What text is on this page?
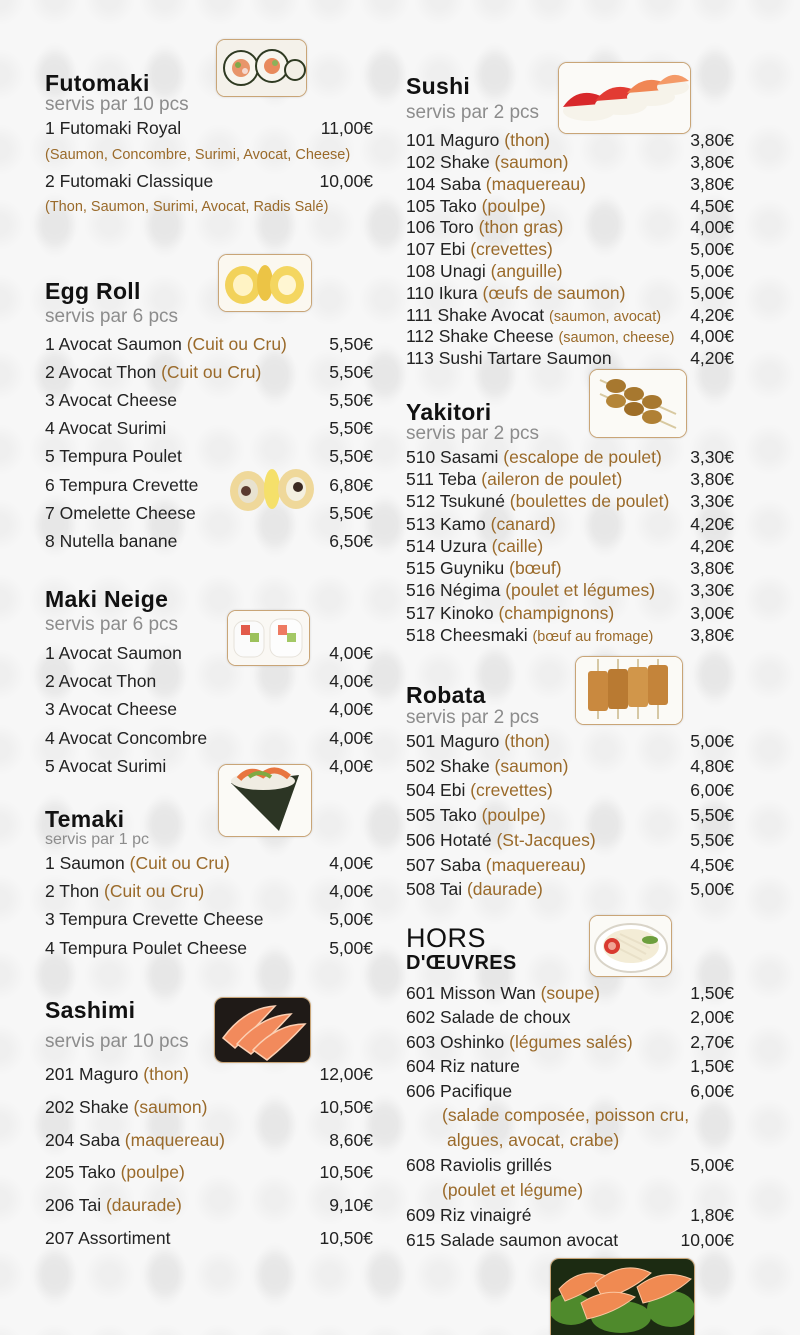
Futomaki
servis par 10 pcs
1 Futomaki Royal	11,00€
(Saumon, Concombre, Surimi, Avocat, Cheese)
2 Futomaki Classique	10,00€
(Thon, Saumon, Surimi, Avocat, Radis Salé)
Egg Roll
servis par 6 pcs
1 Avocat Saumon (Cuit ou Cru) 5,50€
2 Avocat Thon (Cuit ou Cru)	5,50€
3 Avocat Cheese	5,50€
4 Avocat Surimi	5,50€
5 Tempura Poulet	5,50€
6 Tempura Crevette	6,80€
7 Omelette Cheese	5,50€
8 Nutella banane	6,50€
Maki Neige
servis par 6 pcs
1 Avocat Saumon	4,00€
2 Avocat Thon	4,00€
3 Avocat Cheese	4,00€
4 Avocat Concombre	4,00€
5 Avocat Surimi	4,00€
Temaki
servis par 1 pc
1 Saumon (Cuit ou Cru)	4,00€
2 Thon (Cuit ou Cru)	4,00€
3 Tempura Crevette Cheese	5,00€
4 Tempura Poulet Cheese	5,00€
Sashimi
servis par 10 pcs
201 Maguro (thon)	12,00€
202 Shake (saumon)	10,50€
204 Saba (maquereau)	8,60€
205 Tako (poulpe)	10,50€
206 Tai (daurade)	9,10€
207 Assortiment	10,50€
Sushi
servis par 2 pcs
101 Maguro (thon)	3,80€
102 Shake (saumon)	3,80€
104 Saba (maquereau)	3,80€
105 Tako (poulpe)	4,50€
106 Toro (thon gras)	4,00€
107 Ebi (crevettes)	5,00€
108 Unagi (anguille)	5,00€
110 Ikura (œufs de saumon)	5,00€
111 Shake Avocat (saumon, avocat) 4,20€
112 Shake Cheese (saumon, cheese) 4,00€
113 Sushi Tartare Saumon	4,20€
Yakitori
servis par 2 pcs
510 Sasami (escalope de poulet) 3,30€
511 Teba (aileron de poulet)	3,80€
512 Tsukuné (boulettes de poulet) 3,30€
513 Kamo (canard)	4,20€
514 Uzura (caille)	4,20€
515 Guyniku (bœuf)	3,80€
516 Négima (poulet et légumes) 3,30€
517 Kinoko (champignons)	3,00€
518 Cheesmaki (bœuf au fromage) 3,80€
Robata
servis par 2 pcs
501 Maguro (thon)	5,00€
502 Shake (saumon)	4,80€
504 Ebi (crevettes)	6,00€
505 Tako (poulpe)	5,50€
506 Hotaté (St-Jacques)	5,50€
507 Saba (maquereau)	4,50€
508 Tai (daurade)	5,00€
HORS
D'ŒUVRES
601 Misson Wan (soupe)	1,50€
602 Salade de choux	2,00€
603 Oshinko (légumes salés)	2,70€
604 Riz nature	1,50€
606 Pacifique	6,00€
(salade composée, poisson cru,
algues, avocat, crabe)
608 Raviolis grillés	5,00€
(poulet et légume)
609 Riz vinaigré	1,80€
615 Salade saumon avocat	10,00€
